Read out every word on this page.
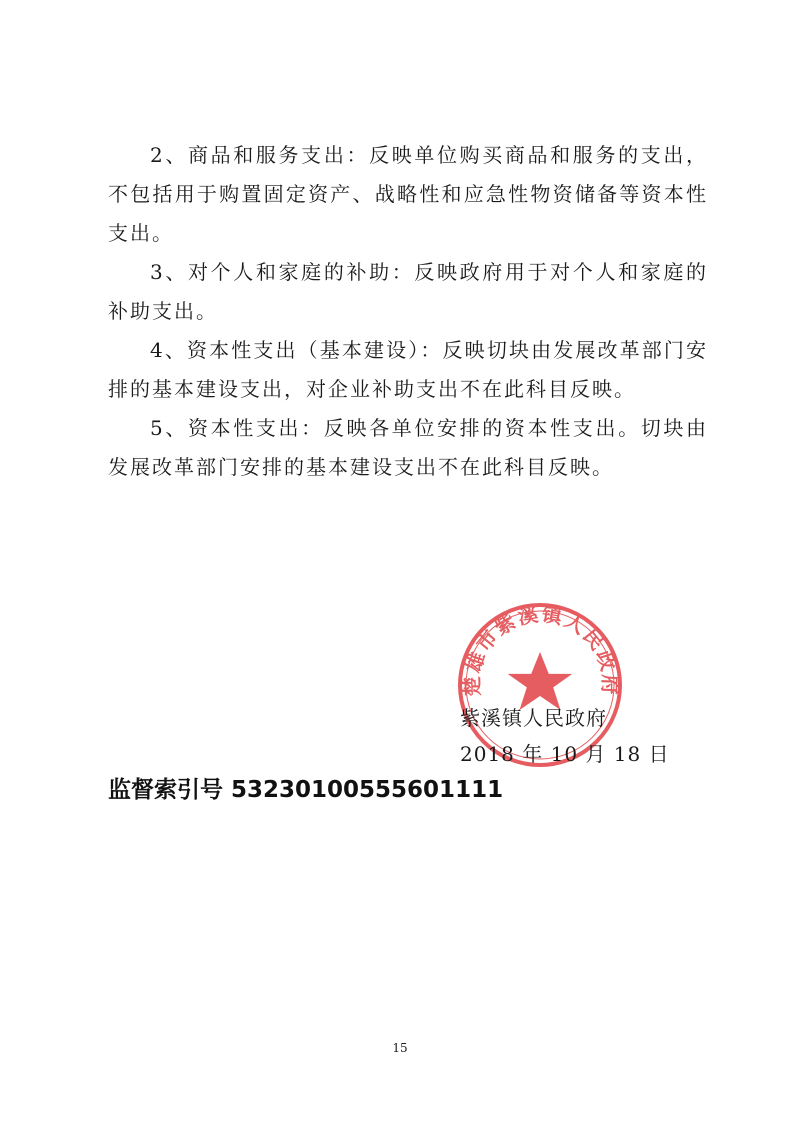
2、商品和服务支出：反映单位购买商品和服务的支出，不包括用于购置固定资产、战略性和应急性物资储备等资本性支出。

3、对个人和家庭的补助：反映政府用于对个人和家庭的补助支出。

4、资本性支出（基本建设）：反映切块由发展改革部门安排的基本建设支出，对企业补助支出不在此科目反映。

5、资本性支出：反映各单位安排的资本性支出。切块由发展改革部门安排的基本建设支出不在此科目反映。

楚雄市紫溪镇人民政府
紫溪镇人民政府
2018 年 10 月 18 日
监督索引号 53230100555601111
15
